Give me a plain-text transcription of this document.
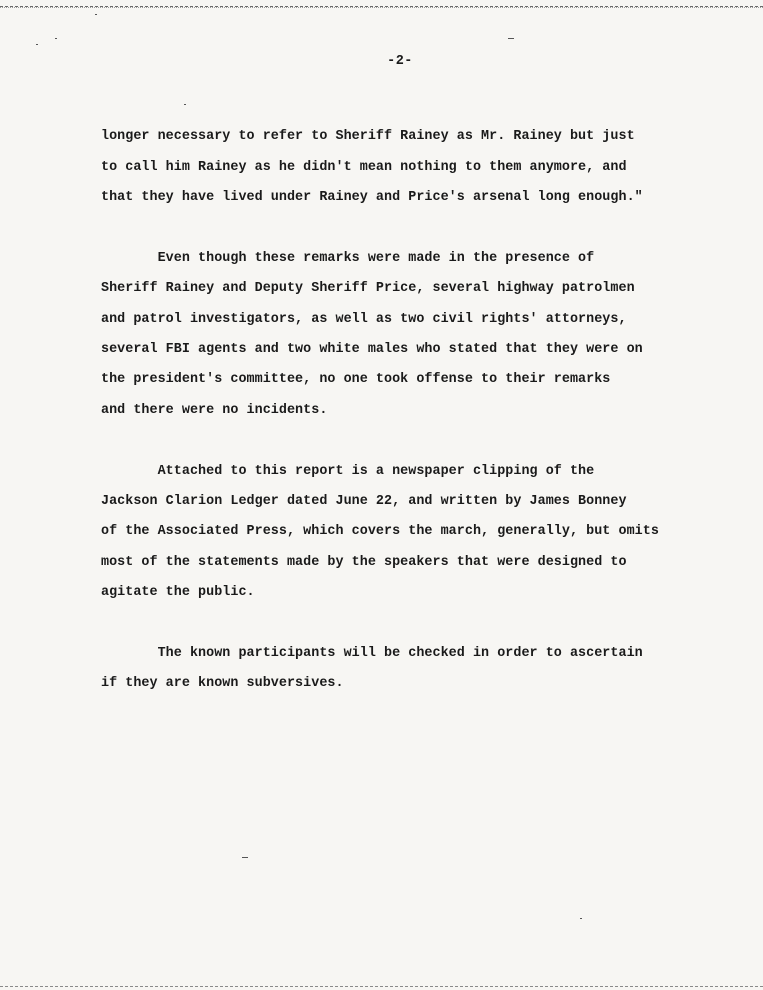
-2-

longer necessary to refer to Sheriff Rainey as Mr. Rainey but just

to call him Rainey as he didn't mean nothing to them anymore, and

that they have lived under Rainey and Price's arsenal long enough."

Even though these remarks were made in the presence of

Sheriff Rainey and Deputy Sheriff Price, several highway patrolmen

and patrol investigators, as well as two civil rights' attorneys,

several FBI agents and two white males who stated that they were on

the president's committee, no one took offense to their remarks

and there were no incidents.

Attached to this report is a newspaper clipping of the

Jackson Clarion Ledger dated June 22, and written by James Bonney

of the Associated Press, which covers the march, generally, but omits

most of the statements made by the speakers that were designed to

agitate the public.

The known participants will be checked in order to ascertain

if they are known subversives.
